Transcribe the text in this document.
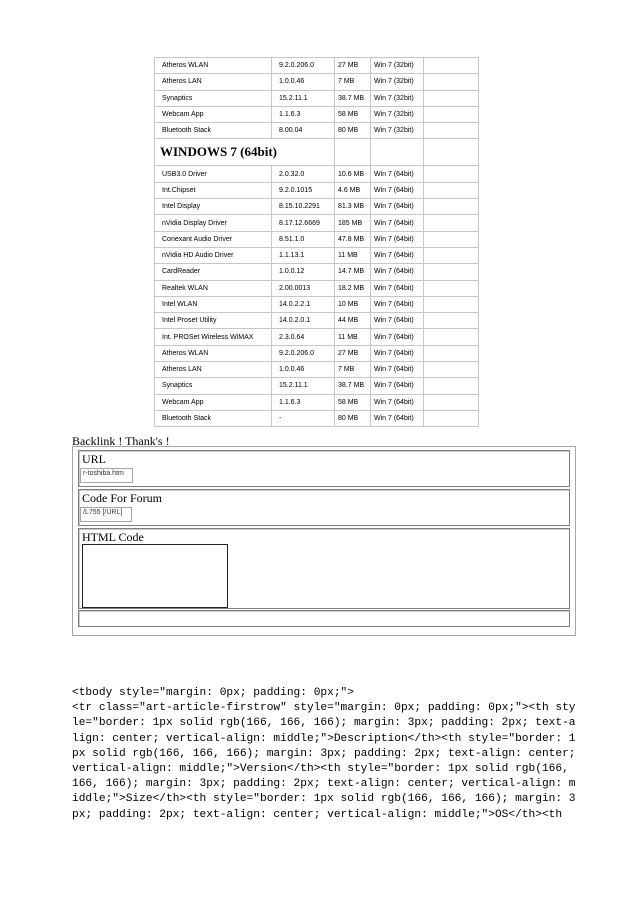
Atheros WLAN	9.2.0.206.0	27 MB	Win 7 (32bit)	
Atheros LAN	1.0.0.46	7 MB	Win 7 (32bit)	
Synaptics	15.2.11.1	38.7 MB	Win 7 (32bit)	
Webcam App	1.1.6.3	58 MB	Win 7 (32bit)	
Bluetooth Stack	8.00.04	80 MB	Win 7 (32bit)	
WINDOWS 7 (64bit)				
USB3.0 Driver	2.0.32.0	10.6 MB	Win 7 (64bit)	
Int.Chipset	9.2.0.1015	4.6 MB	Win 7 (64bit)	
Intel Display	8.15.10.2291	81.3 MB	Win 7 (64bit)	
nVidia Display Driver	8.17.12.6669	185 MB	Win 7 (64bit)	
Conexant Audio Driver	8.51.1.0	47.8 MB	Win 7 (64bit)	
nVidia HD Audio Driver	1.1.13.1	11 MB	Win 7 (64bit)	
CardReader	1.0.0.12	14.7 MB	Win 7 (64bit)	
Realtek WLAN	2.00.0013	18.2 MB	Win 7 (64bit)	
Intel WLAN	14.0.2.2.1	10 MB	Win 7 (64bit)	
Intel Proset Utility	14.0.2.0.1	44 MB	Win 7 (64bit)	
Int. PROSet Wireless WiMAX	2.3.0.64	11 MB	Win 7 (64bit)	
Atheros WLAN	9.2.0.206.0	27 MB	Win 7 (64bit)	
Atheros LAN	1.0.0.46	7 MB	Win 7 (64bit)	
Synaptics	15.2.11.1	38.7 MB	Win 7 (64bit)	
Webcam App	1.1.6.3	58 MB	Win 7 (64bit)	
Bluetooth Stack	-	80 MB	Win 7 (64bit)	
Backlink ! Thank's !
URL
r-toshiba.htm
Code For Forum
/L755 [/URL]
HTML Code
<tbody style="margin: 0px; padding: 0px;">
<tr class="art-article-firstrow" style="margin: 0px; padding: 0px;"><th style="border: 1px solid rgb(166, 166, 166); margin: 3px; padding: 2px; text-align: center; vertical-align: middle;">Description</th><th style="border: 1px solid rgb(166, 166, 166); margin: 3px; padding: 2px; text-align: center; vertical-align: middle;">Version</th><th style="border: 1px solid rgb(166, 166, 166); margin: 3px; padding: 2px; text-align: center; vertical-align: middle;">Size</th><th style="border: 1px solid rgb(166, 166, 166); margin: 3px; padding: 2px; text-align: center; vertical-align: middle;">OS</th><th
